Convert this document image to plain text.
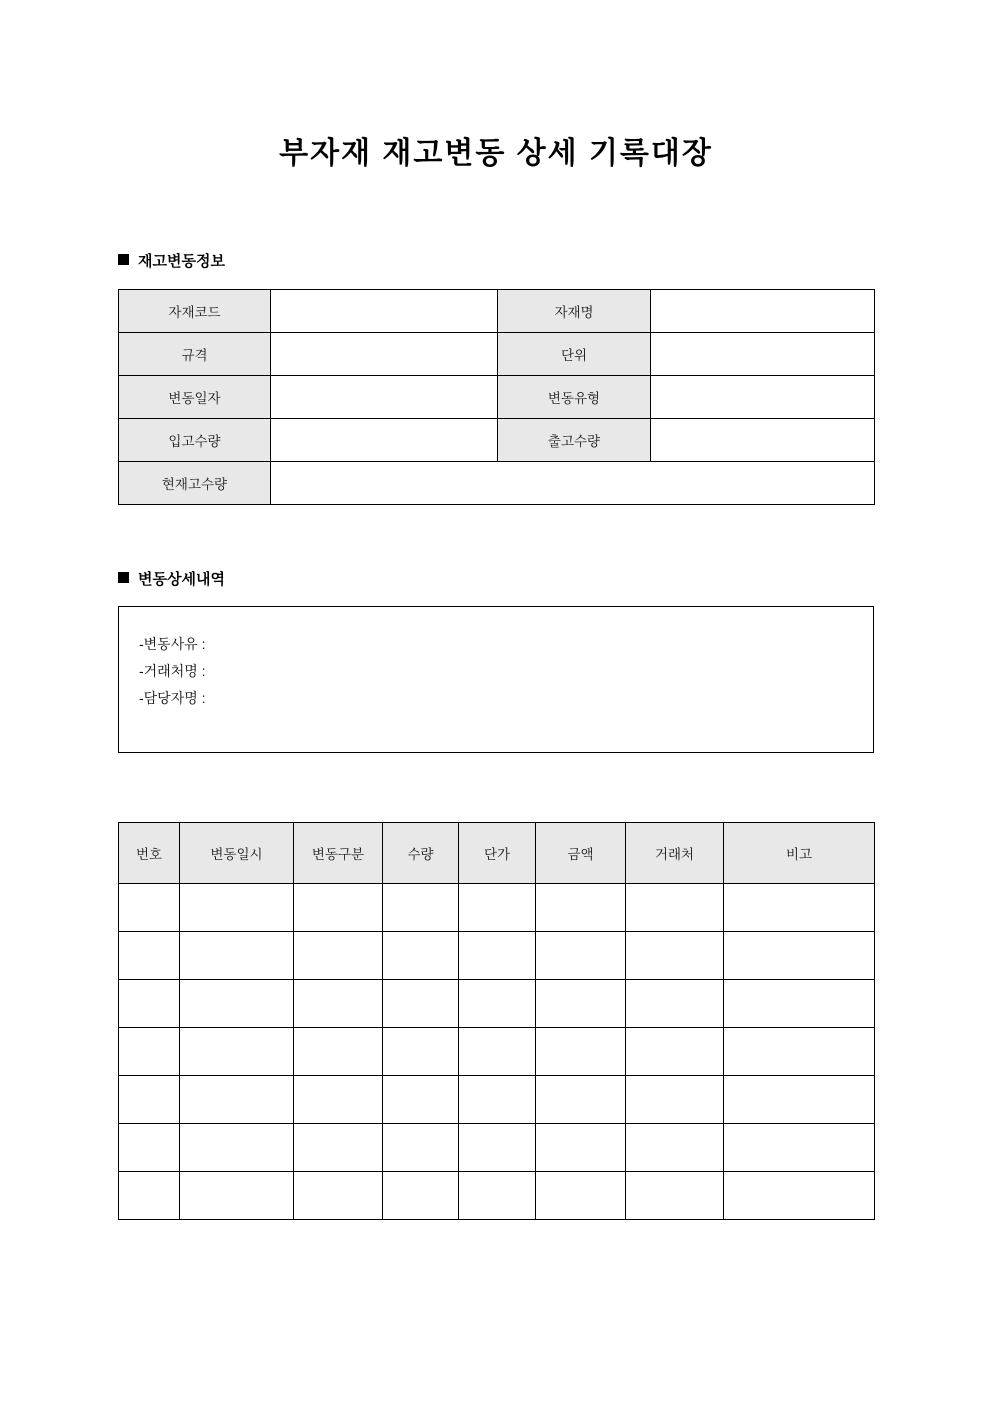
부자재 재고변동 상세 기록대장
재고변동정보
자재코드		자재명	
규격		단위	
변동일자		변동유형	
입고수량		출고수량	
현재고수량			
변동상세내역
-변동사유 :
-거래처명 :
-담당자명 :
번호	변동일시	변동구분	수량	단가	금액	거래처	비고
